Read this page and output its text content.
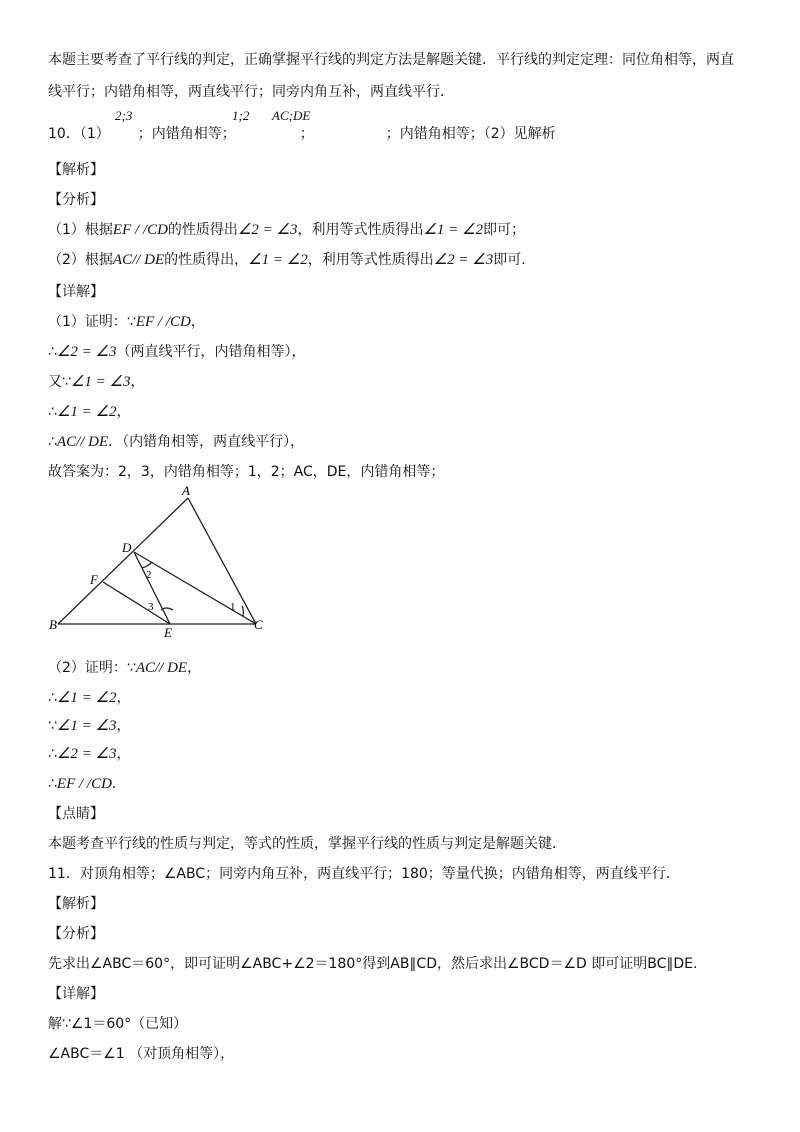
本题主要考查了平行线的判定，正确掌握平行线的判定方法是解题关键．平行线的判定定理：同位角相等，两直
线平行；内错角相等，两直线平行；同旁内角互补，两直线平行．
10．（1） ；内错角相等；	；	；内错角相等；（2）见解析
2;3	1;2 AC;DE
【解析】
【分析】
（1）根据EF / /CD的性质得出∠2 = ∠3，利用等式性质得出∠1 = ∠2即可；
（2）根据AC// DE的性质得出，∠1 = ∠2，利用等式性质得出∠2 = ∠3即可.
【详解】
（1）证明：∵EF / /CD，
∴∠2 = ∠3（两直线平行，内错角相等），
又∵∠1 = ∠3，
∴∠1 = ∠2，
∴AC// DE．（内错角相等，两直线平行），
故答案为：2，3，内错角相等；1，2；AC，DE，内错角相等；
A
B	C
D
E
F
1
2
3
（2）证明：∵AC// DE，
∴∠1 = ∠2，
∵∠1 = ∠3，
∴∠2 = ∠3，
∴EF / /CD．
【点睛】
本题考查平行线的性质与判定，等式的性质，掌握平行线的性质与判定是解题关键．
11．对顶角相等；∠ABC；同旁内角互补，两直线平行；180；等量代换；内错角相等，两直线平行．
【解析】
【分析】
先求出∠ABC＝60°，即可证明∠ABC+∠2＝180°得到AB∥CD，然后求出∠BCD＝∠D 即可证明BC∥DE.
【详解】
解∵∠1＝60°（已知）
∠ABC＝∠1 （对顶角相等），
